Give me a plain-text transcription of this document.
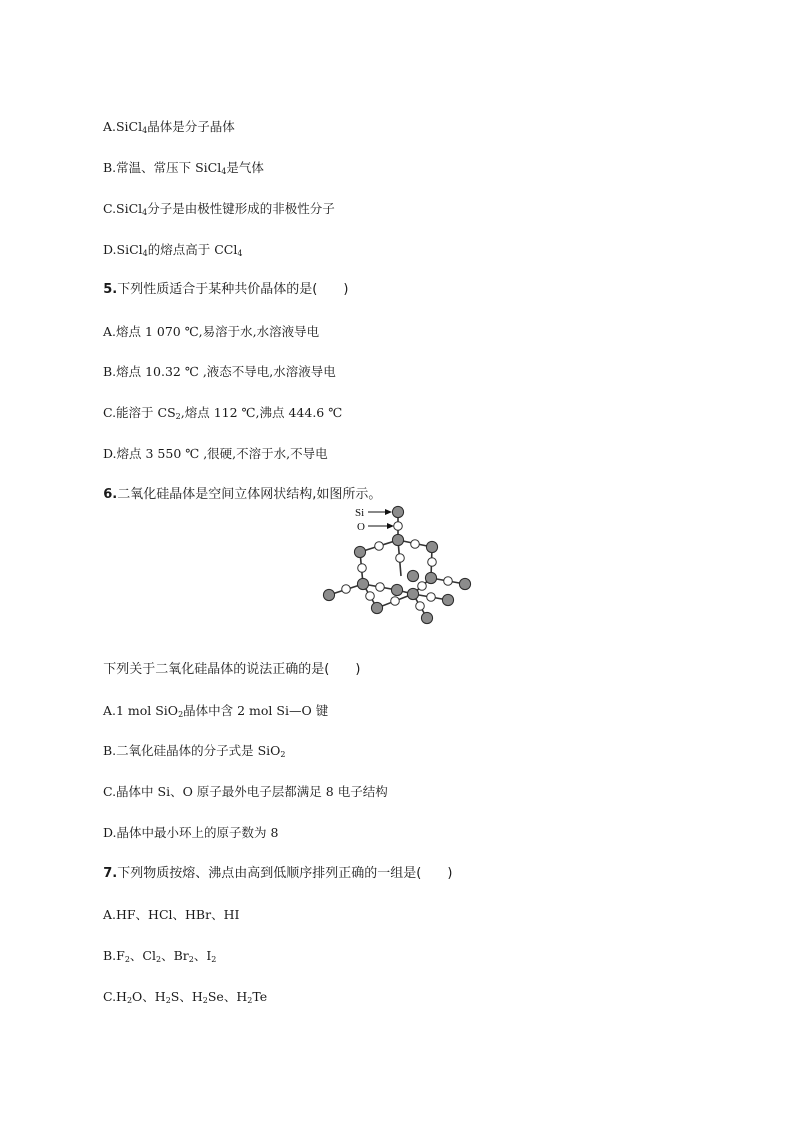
A.SiCl$_4$晶体是分子晶体

B.常温、常压下 SiCl$_4$是气体

C.SiCl$_4$分子是由极性键形成的非极性分子

D.SiCl$_4$的熔点高于 CCl$_4$

5.下列性质适合于某种共价晶体的是(　　)

A.熔点 1 070 ℃,易溶于水,水溶液导电

B.熔点 10.32 ℃ ,液态不导电,水溶液导电

C.能溶于 $CS_2$,熔点 112 ℃,沸点 444.6 ℃

D.熔点 3 550 ℃ ,很硬,不溶于水,不导电

6.二氧化硅晶体是空间立体网状结构,如图所示。

Si
O

下列关于二氧化硅晶体的说法正确的是(　　)

A.1 mol SiO$_2$晶体中含 2 mol Si—O 键

B.二氧化硅晶体的分子式是 SiO$_2$

C.晶体中 Si、O 原子最外电子层都满足 8 电子结构

D.晶体中最小环上的原子数为 8

7.下列物质按熔、沸点由高到低顺序排列正确的一组是(　　)

A.HF、HCl、HBr、HI

$B.F_2$、$Cl_2$、$Br_2$、$I_2$

$C.H_2O$、$H_2S$、$H_2Se$、$H_2Te$
